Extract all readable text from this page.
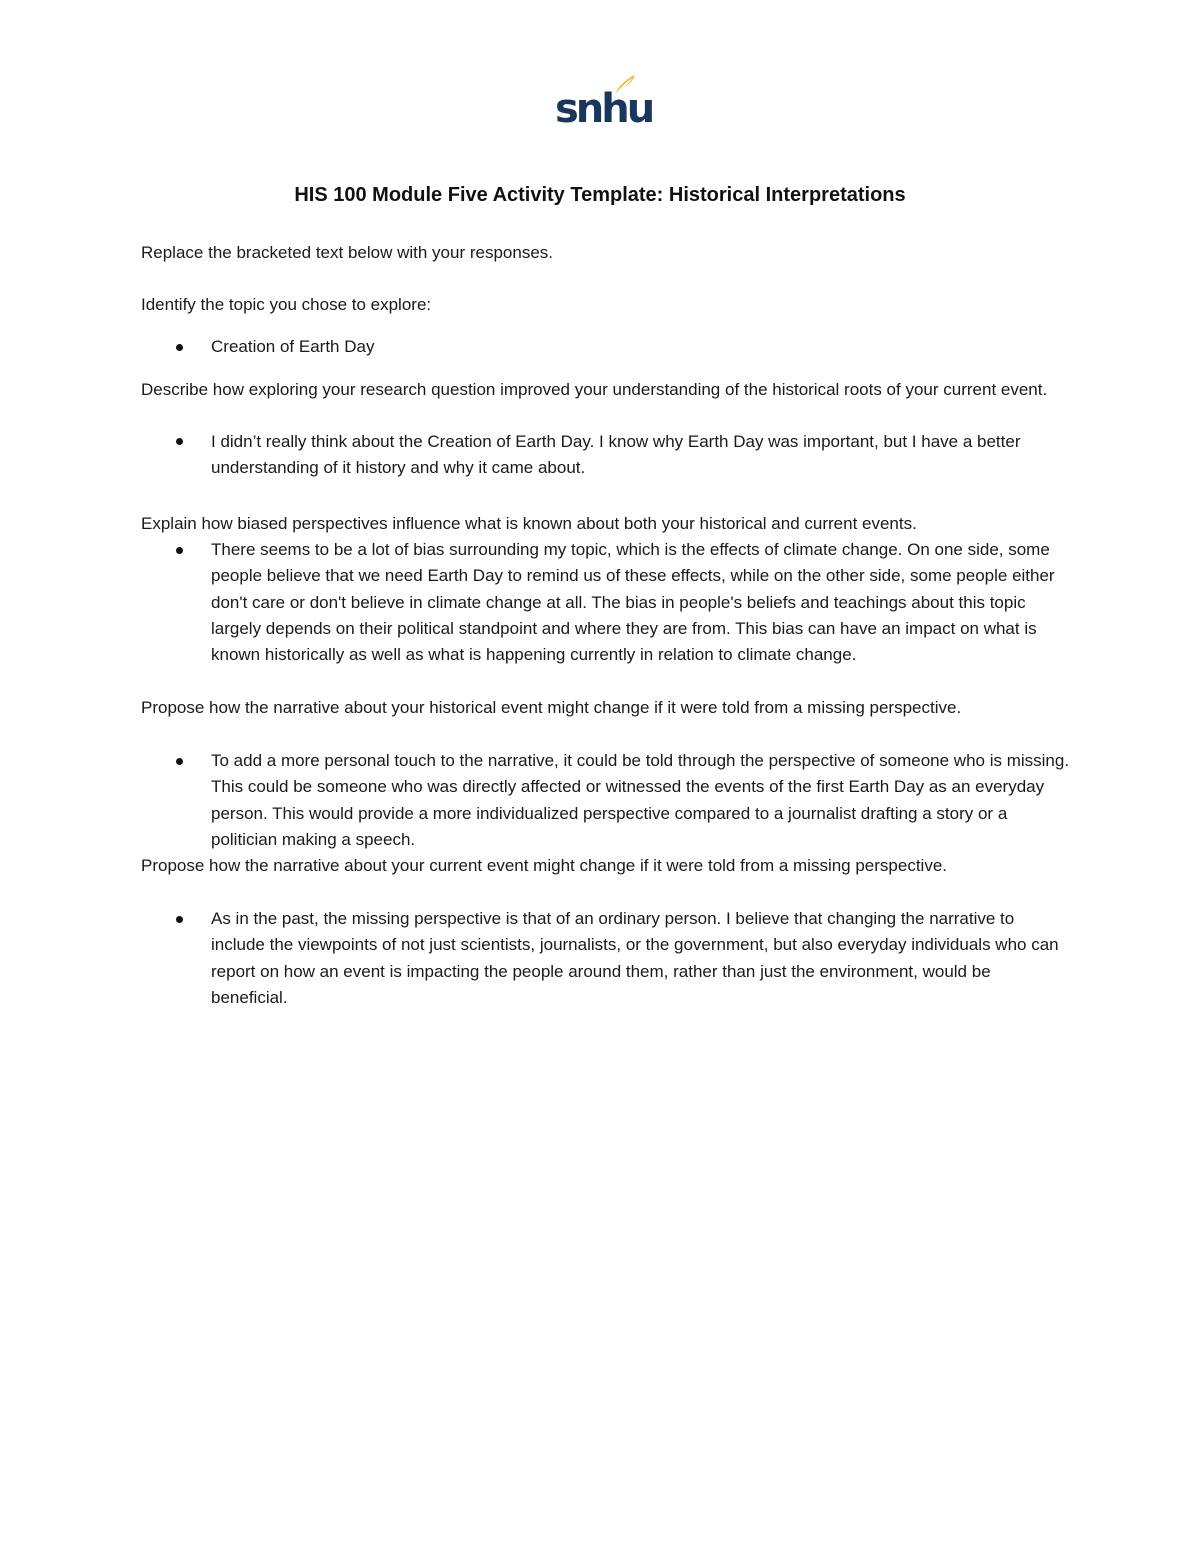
snhu
HIS 100 Module Five Activity Template: Historical Interpretations

Replace the bracketed text below with your responses.

Identify the topic you chose to explore:

Creation of Earth Day

Describe how exploring your research question improved your understanding of the historical roots of your current event.

I didn’t really think about the Creation of Earth Day. I know why Earth Day was important, but I have a better understanding of it history and why it came about.

Explain how biased perspectives influence what is known about both your historical and current events.

There seems to be a lot of bias surrounding my topic, which is the effects of climate change. On one side, some people believe that we need Earth Day to remind us of these effects, while on the other side, some people either don't care or don't believe in climate change at all. The bias in people's beliefs and teachings about this topic largely depends on their political standpoint and where they are from. This bias can have an impact on what is known historically as well as what is happening currently in relation to climate change.

Propose how the narrative about your historical event might change if it were told from a missing perspective.

To add a more personal touch to the narrative, it could be told through the perspective of someone who is missing. This could be someone who was directly affected or witnessed the events of the first Earth Day as an everyday person. This would provide a more individualized perspective compared to a journalist drafting a story or a politician making a speech.

Propose how the narrative about your current event might change if it were told from a missing perspective.

As in the past, the missing perspective is that of an ordinary person. I believe that changing the narrative to include the viewpoints of not just scientists, journalists, or the government, but also everyday individuals who can report on how an event is impacting the people around them, rather than just the environment, would be beneficial.
